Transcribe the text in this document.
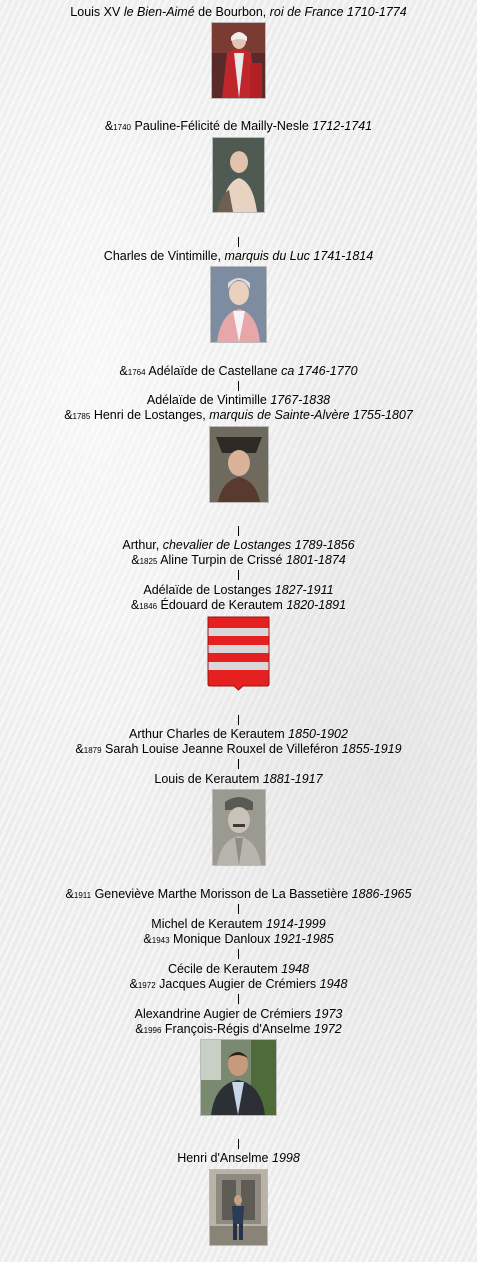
Louis XV le Bien-Aimé de Bourbon, roi de France 1710-1774
&1740 Pauline-Félicité de Mailly-Nesle 1712-1741
Charles de Vintimille, marquis du Luc 1741-1814
&1764 Adélaïde de Castellane ca 1746-1770
Adélaïde de Vintimille 1767-1838
&1785 Henri de Lostanges, marquis de Sainte-Alvère 1755-1807
Arthur, chevalier de Lostanges 1789-1856
&1825 Aline Turpin de Crissé 1801-1874
Adélaïde de Lostanges 1827-1911
&1846 Édouard de Kerautem 1820-1891
Arthur Charles de Kerautem 1850-1902
&1879 Sarah Louise Jeanne Rouxel de Villeféron 1855-1919
Louis de Kerautem 1881-1917
&1911 Geneviève Marthe Morisson de La Bassetière 1886-1965
Michel de Kerautem 1914-1999
&1943 Monique Danloux 1921-1985
Cécile de Kerautem 1948
&1972 Jacques Augier de Crémiers 1948
Alexandrine Augier de Crémiers 1973
&1996 François-Régis d'Anselme 1972
Henri d'Anselme 1998
